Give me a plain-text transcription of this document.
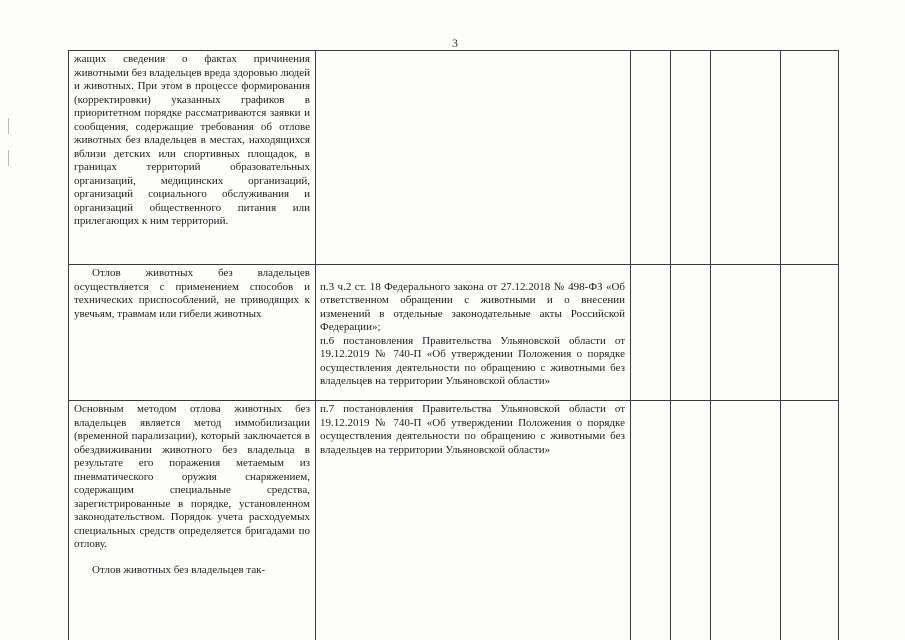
3

жащих сведения о фактах причинения животными без владельцев вреда здоровью людей и животных. При этом в процессе формирования (корректировки) указанных графиков в приоритетном порядке рассматриваются заявки и сообщения, содержащие требования об отлове животных без владельцев в местах, находящихся вблизи детских или спортивных площадок, в границах территорий образовательных организаций, медицинских организаций, организаций социального обслуживания и организаций общественного питания или прилегающих к ним территорий.

Отлов животных без владельцев осуществляется с применением способов и технических приспособлений, не приводящих к увечьям, травмам или гибели животных

п.3 ч.2 ст. 18 Федерального закона от 27.12.2018 № 498-ФЗ «Об ответственном обращении с животными и о внесении изменений в отдельные законодательные акты Российской Федерации»;
п.6 постановления Правительства Ульяновской области от 19.12.2019 № 740-П «Об утверждении Положения о порядке осуществления деятельности по обращению с животными без владельцев на территории Ульяновской области»

Основным методом отлова животных без владельцев является метод иммобилизации (временной парализации), который заключается в обездвиживании животного без владельца в результате его поражения метаемым из пневматического оружия снаряжением, содержащим специальные средства, зарегистрированные в порядке, установленном законодательством. Порядок учета расходуемых специальных средств определяется бригадами по отлову.

Отлов животных без владельцев так-

п.7 постановления Правительства Ульяновской области от 19.12.2019 № 740-П «Об утверждении Положения о порядке осуществления деятельности по обращению с животными без владельцев на территории Ульяновской области»
